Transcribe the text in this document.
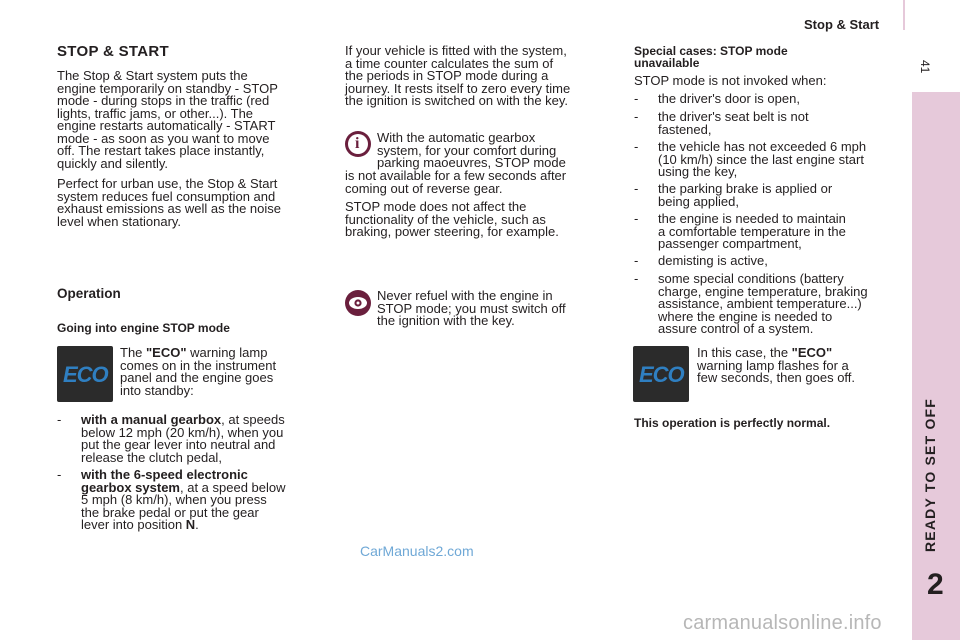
Stop & Start
41
READY TO SET OFF
2
STOP & START
The Stop & Start system puts the
engine temporarily on standby - STOP
mode - during stops in the traffic (red
lights, traffic jams, or other...). The
engine restarts automatically - START
mode - as soon as you want to move
off. The restart takes place instantly,
quickly and silently.
Perfect for urban use, the Stop & Start
system reduces fuel consumption and
exhaust emissions as well as the noise
level when stationary.
Operation
Going into engine STOP mode
ECO
The "ECO" warning lamp
comes on in the instrument
panel and the engine goes
into standby:
- with a manual gearbox, at speeds
below 12 mph (20 km/h), when you
put the gear lever into neutral and
release the clutch pedal,
- with the 6-speed electronic
gearbox system, at a speed below
5 mph (8 km/h), when you press
the brake pedal or put the gear
lever into position N.
If your vehicle is fitted with the system,
a time counter calculates the sum of
the periods in STOP mode during a
journey. It rests itself to zero every time
the ignition is switched on with the key.
i With the automatic gearbox
system, for your comfort during
parking maoeuvres, STOP mode
is not available for a few seconds after
coming out of reverse gear.
STOP mode does not affect the
functionality of the vehicle, such as
braking, power steering, for example.
Never refuel with the engine in
STOP mode; you must switch off
the ignition with the key.
Special cases: STOP mode
unavailable
STOP mode is not invoked when:
- the driver's door is open,
- the driver's seat belt is not
fastened,
- the vehicle has not exceeded 6 mph
(10 km/h) since the last engine start
using the key,
- the parking brake is applied or
being applied,
- the engine is needed to maintain
a comfortable temperature in the
passenger compartment,
- demisting is active,
- some special conditions (battery
charge, engine temperature, braking
assistance, ambient temperature...)
where the engine is needed to
assure control of a system.
ECO
In this case, the "ECO"
warning lamp flashes for a
few seconds, then goes off.
This operation is perfectly normal.
CarManuals2.com
carmanualsonline.info
